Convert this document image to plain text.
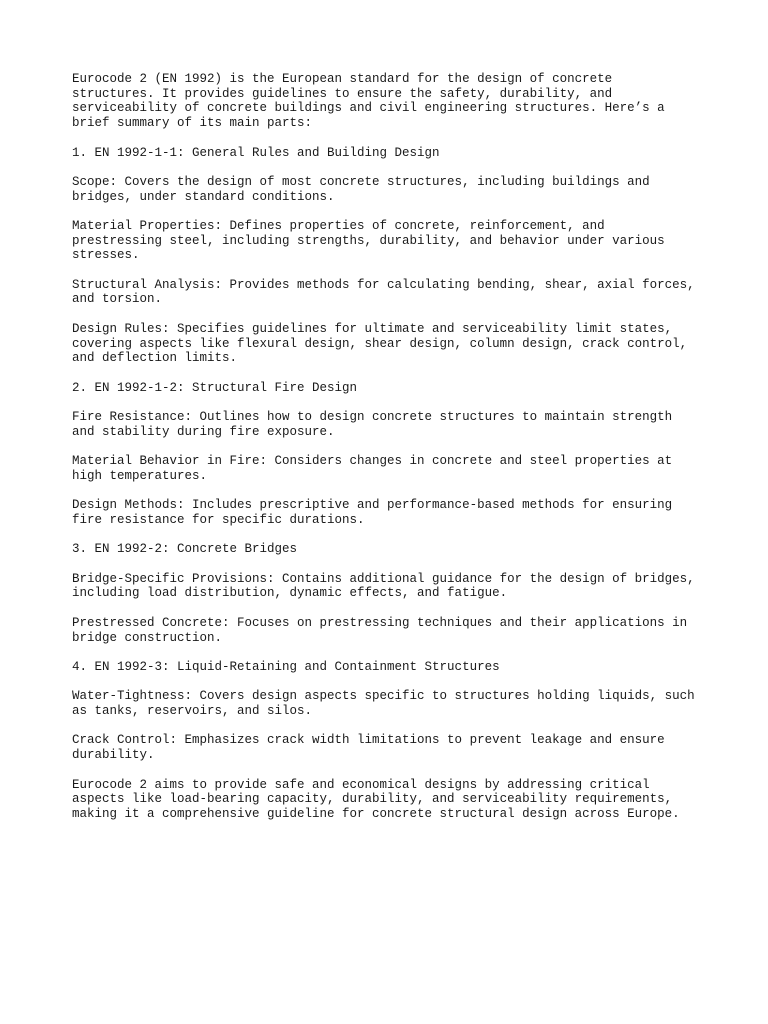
Eurocode 2 (EN 1992) is the European standard for the design of concrete
structures. It provides guidelines to ensure the safety, durability, and
serviceability of concrete buildings and civil engineering structures. Here’s a
brief summary of its main parts:
1. EN 1992-1-1: General Rules and Building Design
Scope: Covers the design of most concrete structures, including buildings and
bridges, under standard conditions.
Material Properties: Defines properties of concrete, reinforcement, and
prestressing steel, including strengths, durability, and behavior under various
stresses.
Structural Analysis: Provides methods for calculating bending, shear, axial forces,
and torsion.
Design Rules: Specifies guidelines for ultimate and serviceability limit states,
covering aspects like flexural design, shear design, column design, crack control,
and deflection limits.
2. EN 1992-1-2: Structural Fire Design
Fire Resistance: Outlines how to design concrete structures to maintain strength
and stability during fire exposure.
Material Behavior in Fire: Considers changes in concrete and steel properties at
high temperatures.
Design Methods: Includes prescriptive and performance-based methods for ensuring
fire resistance for specific durations.
3. EN 1992-2: Concrete Bridges
Bridge-Specific Provisions: Contains additional guidance for the design of bridges,
including load distribution, dynamic effects, and fatigue.
Prestressed Concrete: Focuses on prestressing techniques and their applications in
bridge construction.
4. EN 1992-3: Liquid-Retaining and Containment Structures
Water-Tightness: Covers design aspects specific to structures holding liquids, such
as tanks, reservoirs, and silos.
Crack Control: Emphasizes crack width limitations to prevent leakage and ensure
durability.
Eurocode 2 aims to provide safe and economical designs by addressing critical
aspects like load-bearing capacity, durability, and serviceability requirements,
making it a comprehensive guideline for concrete structural design across Europe.
